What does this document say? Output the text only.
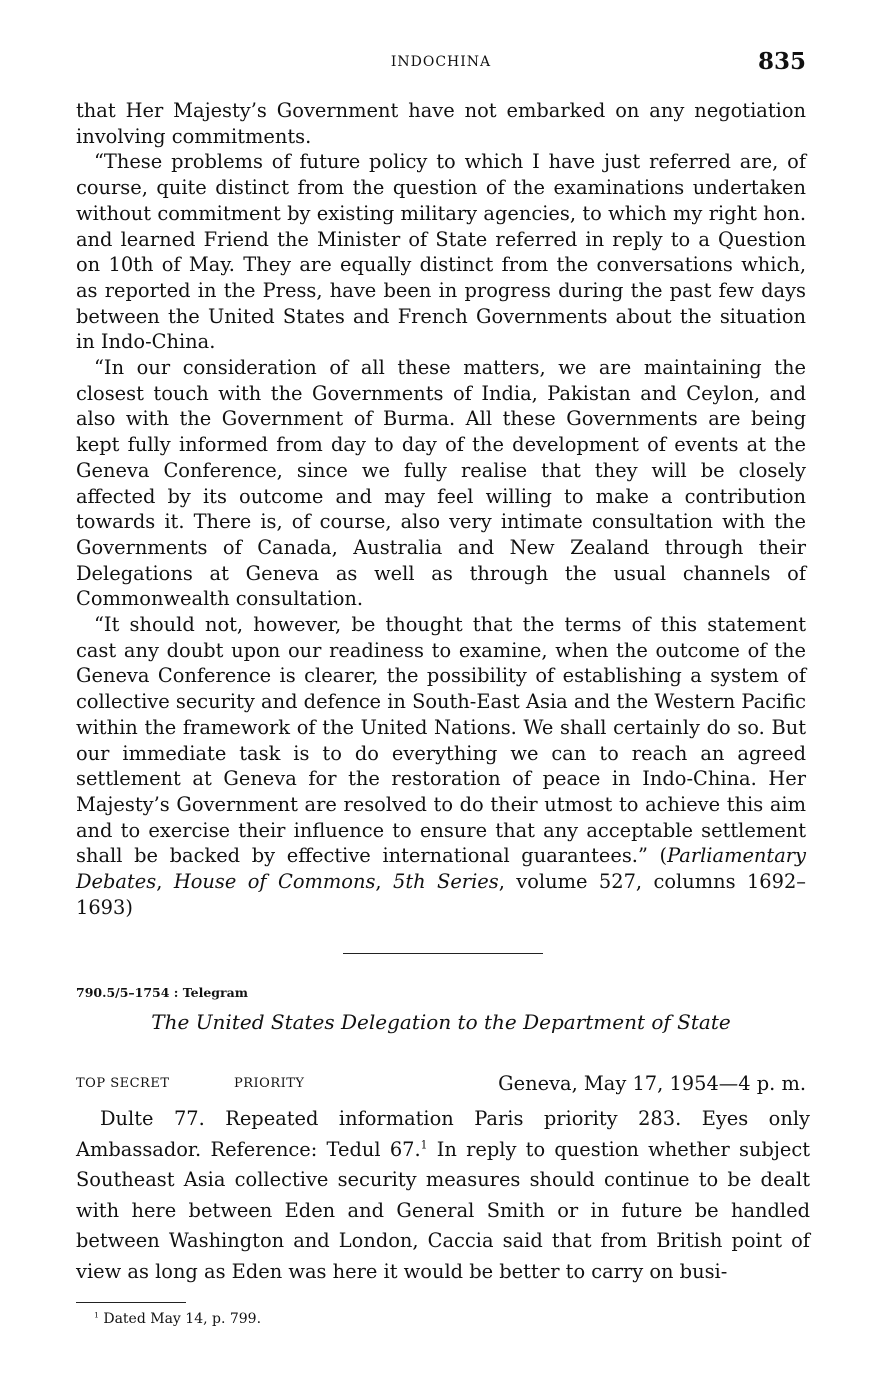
INDOCHINA	835

that Her Majesty’s Government have not embarked on any negotiation involving commitments.

“These problems of future policy to which I have just referred are, of course, quite distinct from the question of the examinations undertaken without commitment by existing military agencies, to which my right hon. and learned Friend the Minister of State referred in reply to a Question on 10th of May. They are equally distinct from the conversations which, as reported in the Press, have been in progress during the past few days between the United States and French Governments about the situation in Indo-China.

“In our consideration of all these matters, we are maintaining the closest touch with the Governments of India, Pakistan and Ceylon, and also with the Government of Burma. All these Governments are being kept fully informed from day to day of the development of events at the Geneva Conference, since we fully realise that they will be closely affected by its outcome and may feel willing to make a contribution towards it. There is, of course, also very intimate consultation with the Governments of Canada, Australia and New Zealand through their Delegations at Geneva as well as through the usual channels of Commonwealth consultation.

“It should not, however, be thought that the terms of this statement cast any doubt upon our readiness to examine, when the outcome of the Geneva Conference is clearer, the possibility of establishing a system of collective security and defence in South-East Asia and the Western Pacific within the framework of the United Nations. We shall certainly do so. But our immediate task is to do everything we can to reach an agreed settlement at Geneva for the restoration of peace in Indo-China. Her Majesty’s Government are resolved to do their utmost to achieve this aim and to exercise their influence to ensure that any acceptable settlement shall be backed by effective international guarantees.” (Parliamentary Debates, House of Commons, 5th Series, volume 527, columns 1692–1693)

790.5/5–1754 : Telegram
The United States Delegation to the Department of State
TOP SECRET	PRIORITY	Geneva, May 17, 1954—4 p. m.

Dulte 77. Repeated information Paris priority 283. Eyes only Ambassador. Reference: Tedul 67.$^1$ In reply to question whether subject Southeast Asia collective security measures should continue to be dealt with here between Eden and General Smith or in future be handled between Washington and London, Caccia said that from British point of view as long as Eden was here it would be better to carry on busi-

$^1$ Dated May 14, p. 799.
